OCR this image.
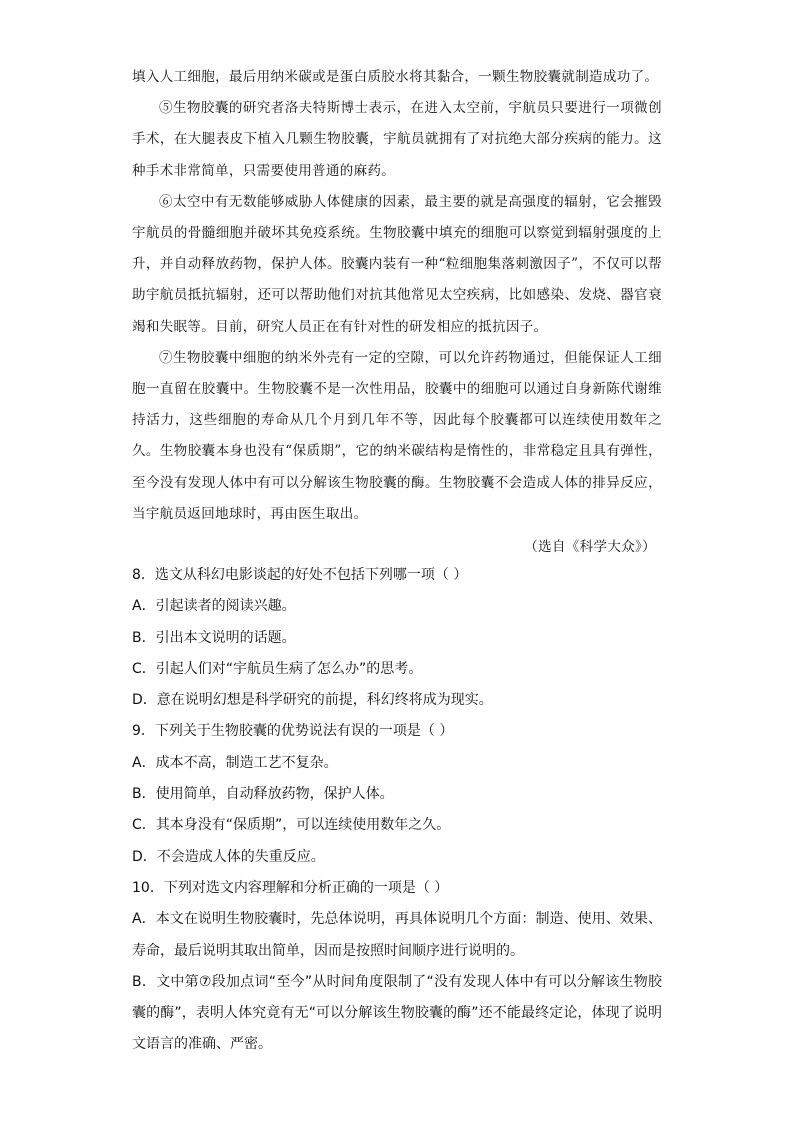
填入人工细胞，最后用纳米碳或是蛋白质胶水将其黏合，一颗生物胶囊就制造成功了。

⑤生物胶囊的研究者洛夫特斯博士表示，在进入太空前，宇航员只要进行一项微创手术，在大腿表皮下植入几颗生物胶囊，宇航员就拥有了对抗绝大部分疾病的能力。这种手术非常简单，只需要使用普通的麻药。

⑥太空中有无数能够威胁人体健康的因素，最主要的就是高强度的辐射，它会摧毁宇航员的骨髓细胞并破坏其免疫系统。生物胶囊中填充的细胞可以察觉到辐射强度的上升，并自动释放药物，保护人体。胶囊内装有一种“粒细胞集落刺激因子”，不仅可以帮助宇航员抵抗辐射，还可以帮助他们对抗其他常见太空疾病，比如感染、发烧、器官衰竭和失眠等。目前，研究人员正在有针对性的研发相应的抵抗因子。

⑦生物胶囊中细胞的纳米外壳有一定的空隙，可以允许药物通过，但能保证人工细胞一直留在胶囊中。生物胶囊不是一次性用品，胶囊中的细胞可以通过自身新陈代谢维持活力，这些细胞的寿命从几个月到几年不等，因此每个胶囊都可以连续使用数年之久。生物胶囊本身也没有“保质期”，它的纳米碳结构是惰性的，非常稳定且具有弹性，至今没有发现人体中有可以分解该生物胶囊的酶。生物胶囊不会造成人体的排异反应，当宇航员返回地球时，再由医生取出。

（选自《科学大众》）

8．选文从科幻电影谈起的好处不包括下列哪一项（ ）

A．引起读者的阅读兴趣。

B．引出本文说明的话题。

C．引起人们对“宇航员生病了怎么办”的思考。

D．意在说明幻想是科学研究的前提，科幻终将成为现实。

9．下列关于生物胶囊的优势说法有误的一项是（ ）

A．成本不高，制造工艺不复杂。

B．使用简单，自动释放药物，保护人体。

C．其本身没有“保质期”，可以连续使用数年之久。

D．不会造成人体的失重反应。

10．下列对选文内容理解和分析正确的一项是（ ）

A．本文在说明生物胶囊时，先总体说明，再具体说明几个方面：制造、使用、效果、寿命，最后说明其取出简单，因而是按照时间顺序进行说明的。

B．文中第⑦段加点词“至今”从时间角度限制了“没有发现人体中有可以分解该生物胶囊的酶”，表明人体究竟有无“可以分解该生物胶囊的酶”还不能最终定论，体现了说明文语言的准确、严密。
